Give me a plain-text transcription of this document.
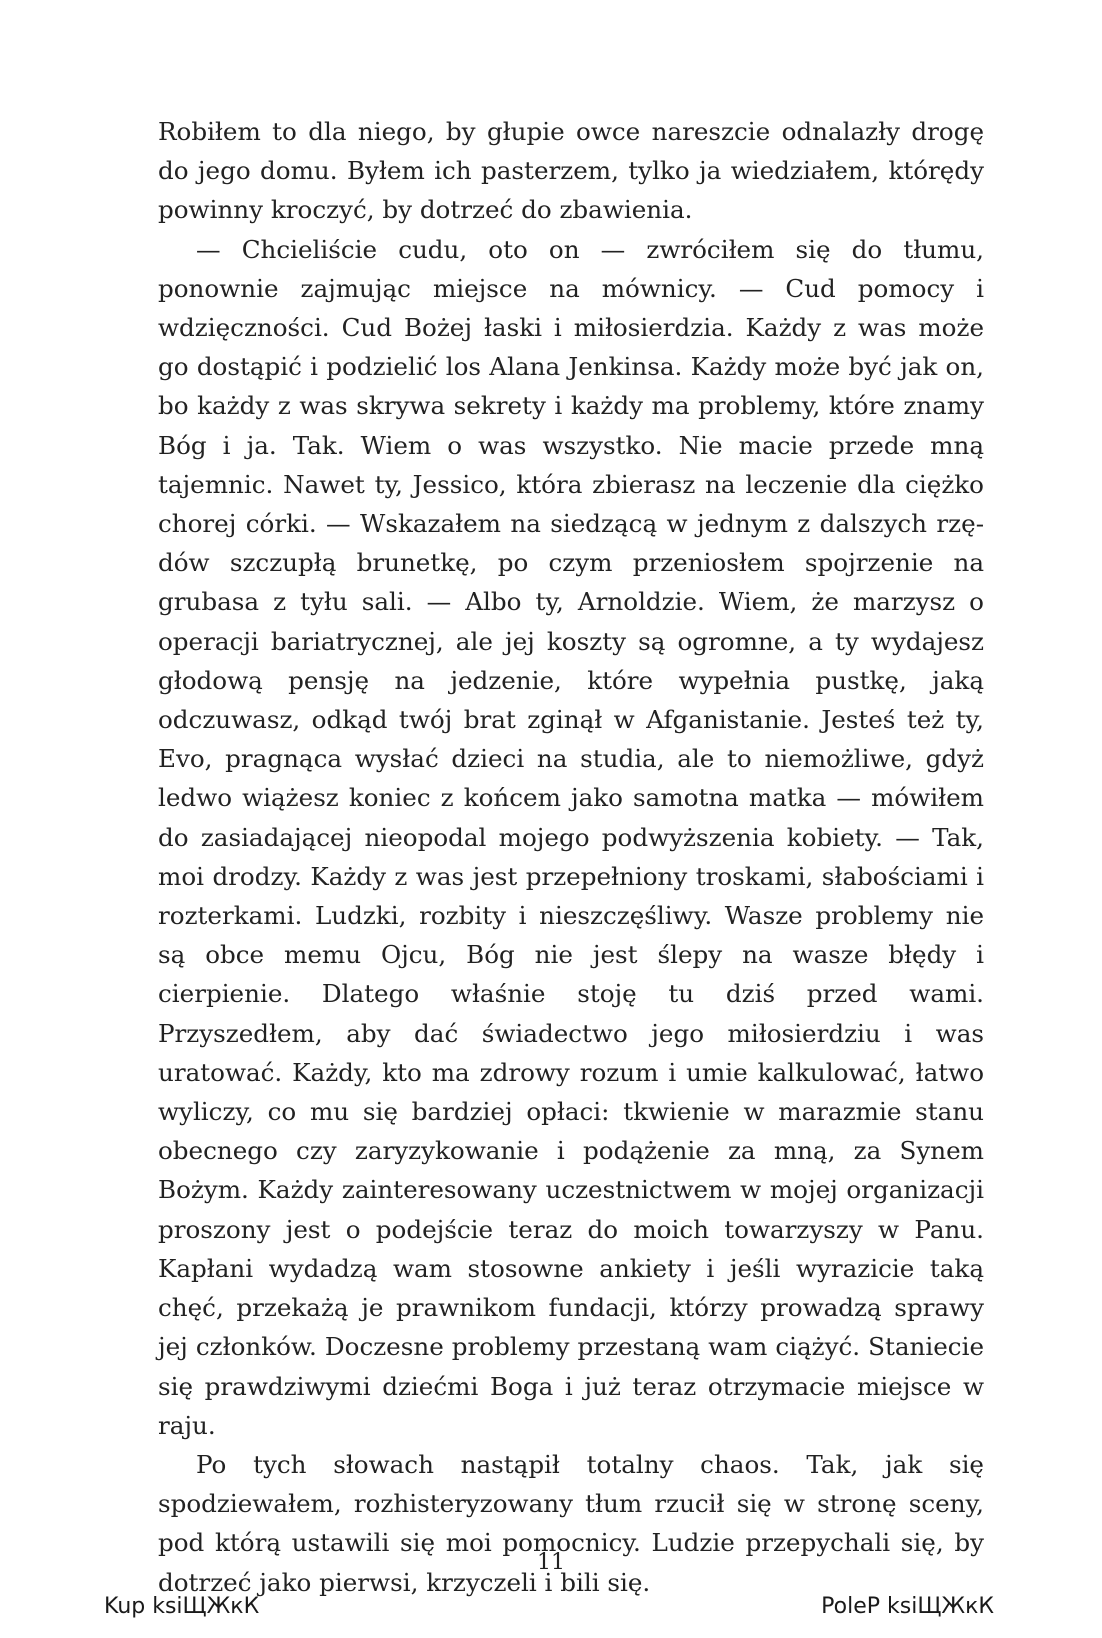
Robiłem to dla niego, by głupie owce nareszcie odnalazły drogę do jego domu. Byłem ich pasterzem, tylko ja wiedziałem, którędy powinny kroczyć, by dotrzeć do zbawienia.

— Chcieliście cudu, oto on — zwróciłem się do tłumu, ponownie zajmując miejsce na mównicy. — Cud pomocy i wdzięczności. Cud Bożej łaski i miłosierdzia. Każdy z was może go dostąpić i podzielić los Alana Jenkinsa. Każdy może być jak on, bo każdy z was skrywa sekrety i każdy ma problemy, które znamy Bóg i ja. Tak. Wiem o was wszystko. Nie macie przede mną tajemnic. Nawet ty, Jessico, która zbierasz na leczenie dla ciężko chorej córki. — Wskazałem na siedzącą w jednym z dalszych rzędów szczupłą brunetkę, po czym przeniosłem spojrzenie na grubasa z tyłu sali. — Albo ty, Arnoldzie. Wiem, że marzysz o operacji bariatrycznej, ale jej koszty są ogromne, a ty wydajesz głodową pensję na jedzenie, które wypełnia pustkę, jaką odczuwasz, odkąd twój brat zginął w Afganistanie. Jesteś też ty, Evo, pragnąca wysłać dzieci na studia, ale to niemożliwe, gdyż ledwo wiążesz koniec z końcem jako samotna matka — mówiłem do zasiadającej nieopodal mojego podwyższenia kobiety. — Tak, moi drodzy. Każdy z was jest przepełniony troskami, słabościami i rozterkami. Ludzki, rozbity i nieszczęśliwy. Wasze problemy nie są obce memu Ojcu, Bóg nie jest ślepy na wasze błędy i cierpienie. Dlatego właśnie stoję tu dziś przed wami. Przyszedłem, aby dać świadectwo jego miłosierdziu i was uratować. Każdy, kto ma zdrowy rozum i umie kalkulować, łatwo wyliczy, co mu się bardziej opłaci: tkwienie w marazmie stanu obecnego czy zaryzykowanie i podążenie za mną, za Synem Bożym. Każdy zainteresowany uczestnictwem w mojej organizacji proszony jest o podejście teraz do moich towarzyszy w Panu. Kapłani wydadzą wam stosowne ankiety i jeśli wyrazicie taką chęć, przekażą je prawnikom fundacji, którzy prowadzą sprawy jej członków. Doczesne problemy przestaną wam ciążyć. Staniecie się prawdziwymi dziećmi Boga i już teraz otrzymacie miejsce w raju.

Po tych słowach nastąpił totalny chaos. Tak, jak się spodziewałem, rozhisteryzowany tłum rzucił się w stronę sceny, pod którą ustawili się moi pomocnicy. Ludzie przepychali się, by dotrzeć jako pierwsi, krzyczeli i bili się.

11
Kup ksiЩЖкК	PoleР ksiЩЖкК
